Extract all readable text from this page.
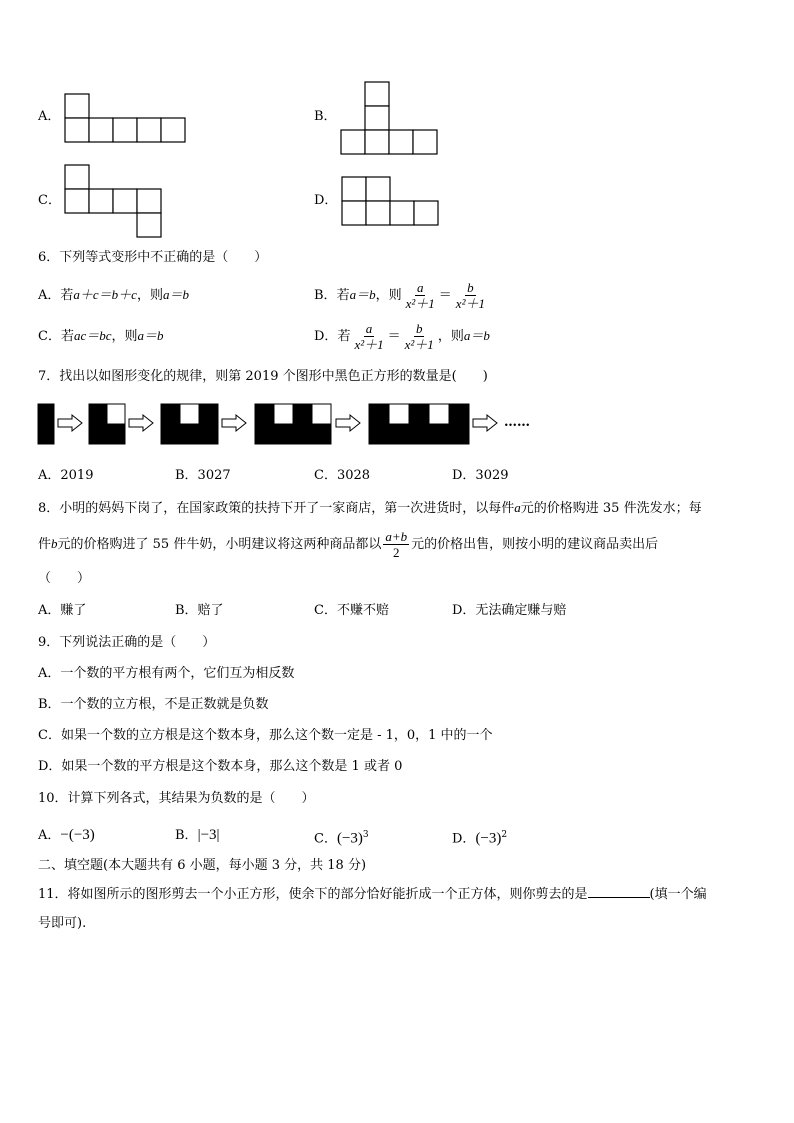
A．	B．
C．	D．
6．下列等式变形中不正确的是（　　）
A．若a＋c＝b＋c，则a＝b	B．若a＝b，则 $\frac{a}{\text{x²＋1}} = \frac{b}{\text{x²＋1}}$
C．若ac＝bc，则a＝b	D．若 $\frac{a}{\text{x²＋1}} = \frac{b}{\text{x²＋1}}$ ，则a＝b
7．找出以如图形变化的规律，则第 2019 个图形中黑色正方形的数量是(　　)
……
A．2019	B．3027	C．3028	D．3029
8．小明的妈妈下岗了，在国家政策的扶持下开了一家商店，第一次进货时，以每件a元的价格购进 35 件洗发水；每
件b元的价格购进了 55 件牛奶，小明建议将这两种商品都以 $\frac{a+b}{2}$ 元的价格出售，则按小明的建议商品卖出后
（　　）
A．赚了	B．赔了	C．不赚不赔	D．无法确定赚与赔
9．下列说法正确的是（　　）
A．一个数的平方根有两个，它们互为相反数
B．一个数的立方根，不是正数就是负数
C．如果一个数的立方根是这个数本身，那么这个数一定是 - 1，0，1 中的一个
D．如果一个数的平方根是这个数本身，那么这个数是 1 或者 0
10．计算下列各式，其结果为负数的是（　　）
A．−(−3)	B．|−3|	C．$(-3)^3$	D．$(-3)^2$
二、填空题(本大题共有 6 小题，每小题 3 分，共 18 分)
11．将如图所示的图形剪去一个小正方形，使余下的部分恰好能折成一个正方体，则你剪去的是	(填一个编
号即可).
